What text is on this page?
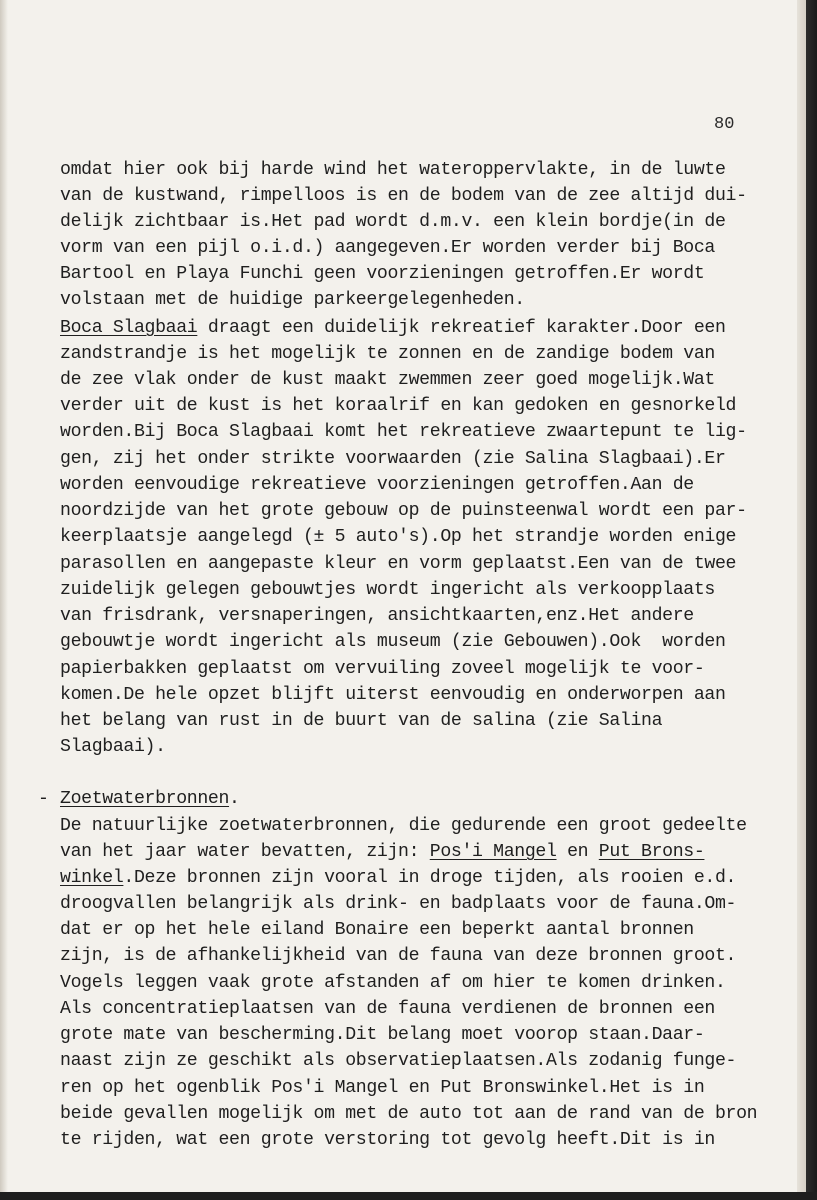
80
omdat hier ook bij harde wind het wateroppervlakte, in de luwte
van de kustwand, rimpelloos is en de bodem van de zee altijd dui-
delijk zichtbaar is.Het pad wordt d.m.v. een klein bordje(in de
vorm van een pijl o.i.d.) aangegeven.Er worden verder bij Boca
Bartool en Playa Funchi geen voorzieningen getroffen.Er wordt
volstaan met de huidige parkeergelegenheden.
Boca Slagbaai draagt een duidelijk rekreatief karakter.Door een
zandstrandje is het mogelijk te zonnen en de zandige bodem van
de zee vlak onder de kust maakt zwemmen zeer goed mogelijk.Wat
verder uit de kust is het koraalrif en kan gedoken en gesnorkeld
worden.Bij Boca Slagbaai komt het rekreatieve zwaartepunt te lig-
gen, zij het onder strikte voorwaarden (zie Salina Slagbaai).Er
worden eenvoudige rekreatieve voorzieningen getroffen.Aan de
noordzijde van het grote gebouw op de puinsteenwal wordt een par-
keerplaatsje aangelegd (± 5 auto's).Op het strandje worden enige
parasollen en aangepaste kleur en vorm geplaatst.Een van de twee
zuidelijk gelegen gebouwtjes wordt ingericht als verkoopplaats
van frisdrank, versnaperingen, ansichtkaarten,enz.Het andere
gebouwtje wordt ingericht als museum (zie Gebouwen).Ook  worden
papierbakken geplaatst om vervuiling zoveel mogelijk te voor-
komen.De hele opzet blijft uiterst eenvoudig en onderworpen aan
het belang van rust in de buurt van de salina (zie Salina
Slagbaai).
- Zoetwaterbronnen.
De natuurlijke zoetwaterbronnen, die gedurende een groot gedeelte
van het jaar water bevatten, zijn: Pos'i Mangel en Put Brons-
winkel.Deze bronnen zijn vooral in droge tijden, als rooien e.d.
droogvallen belangrijk als drink- en badplaats voor de fauna.Om-
dat er op het hele eiland Bonaire een beperkt aantal bronnen
zijn, is de afhankelijkheid van de fauna van deze bronnen groot.
Vogels leggen vaak grote afstanden af om hier te komen drinken.
Als concentratieplaatsen van de fauna verdienen de bronnen een
grote mate van bescherming.Dit belang moet voorop staan.Daar-
naast zijn ze geschikt als observatieplaatsen.Als zodanig funge-
ren op het ogenblik Pos'i Mangel en Put Bronswinkel.Het is in
beide gevallen mogelijk om met de auto tot aan de rand van de bron
te rijden, wat een grote verstoring tot gevolg heeft.Dit is in
